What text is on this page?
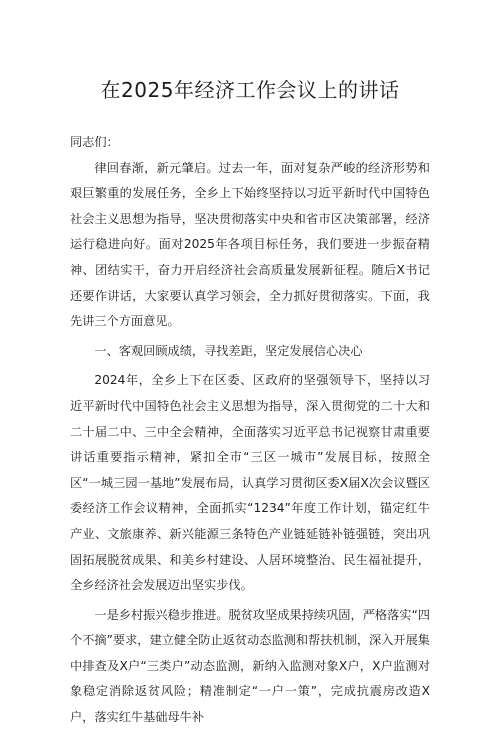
在2025年经济工作会议上的讲话

同志们：

律回春渐，新元肇启。过去一年，面对复杂严峻的经济形势和艰巨繁重的发展任务，全乡上下始终坚持以习近平新时代中国特色社会主义思想为指导，坚决贯彻落实中央和省市区决策部署，经济运行稳进向好。面对2025年各项目标任务，我们要进一步振奋精神、团结实干，奋力开启经济社会高质量发展新征程。随后X书记还要作讲话，大家要认真学习领会，全力抓好贯彻落实。下面，我先讲三个方面意见。

一、客观回顾成绩，寻找差距，坚定发展信心决心

2024年，全乡上下在区委、区政府的坚强领导下，坚持以习近平新时代中国特色社会主义思想为指导，深入贯彻党的二十大和二十届二中、三中全会精神，全面落实习近平总书记视察甘肃重要讲话重要指示精神，紧扣全市“三区一城市”发展目标，按照全区“一城三园一基地”发展布局，认真学习贯彻区委X届X次会议暨区委经济工作会议精神，全面抓实“1234”年度工作计划，锚定红牛产业、文旅康养、新兴能源三条特色产业链延链补链强链，突出巩固拓展脱贫成果、和美乡村建设、人居环境整治、民生福祉提升，全乡经济社会发展迈出坚实步伐。

一是乡村振兴稳步推进。脱贫攻坚成果持续巩固，严格落实“四个不摘”要求，建立健全防止返贫动态监测和帮扶机制，深入开展集中排查及X户“三类户”动态监测，新纳入监测对象X户，X户监测对象稳定消除返贫风险；精准制定“一户一策”，完成抗震房改造X户，落实红牛基础母牛补
